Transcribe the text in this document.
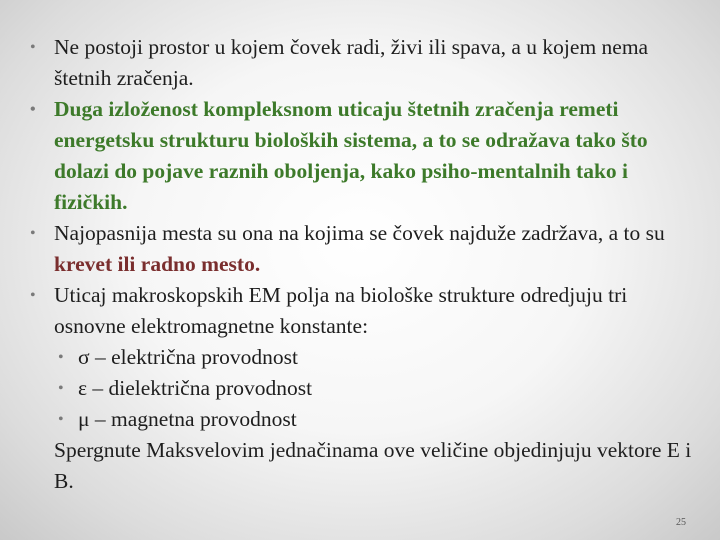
• Ne postoji prostor u kojem čovek radi, živi ili spava, a u kojem nema štetnih zračenja.
• Duga izloženost kompleksnom uticaju štetnih zračenja remeti energetsku strukturu bioloških sistema, a to se odražava tako što dolazi do pojave raznih oboljenja, kako psiho-mentalnih tako i fizičkih.
• Najopasnija mesta su ona na kojima se čovek najduže zadržava, a to su krevet ili radno mesto.
• Uticaj makroskopskih EM polja na biološke strukture odredjuju tri osnovne elektromagnetne konstante:
• σ – električna provodnost
• ε – dielektrična provodnost
• μ – magnetna provodnost
Spergnute Maksvelovim jednačinama ove veličine objedinjuju vektore E i B.
25
